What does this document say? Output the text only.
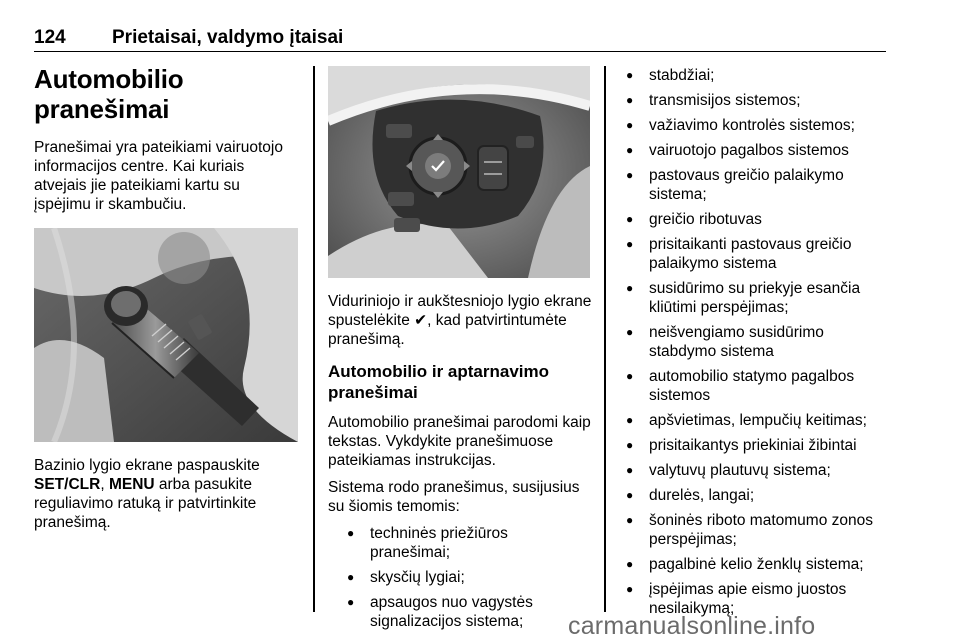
124	Prietaisai, valdymo įtaisai
Automobilio pranešimai

Pranešimai yra pateikiami vairuotojo informacijos centre. Kai kuriais atvejais jie pateikiami kartu su įspėjimu ir skambučiu.

Bazinio lygio ekrane paspauskite SET/CLR, MENU arba pasukite reguliavimo ratuką ir patvirtinkite pranešimą.

Viduriniojo ir aukštesniojo lygio ekrane spustelėkite ✔, kad patvirtintumėte pranešimą.

Automobilio ir aptarnavimo pranešimai

Automobilio pranešimai parodomi kaip tekstas. Vykdykite pranešimuose pateikiamas instrukcijas.

Sistema rodo pranešimus, susijusius su šiomis temomis:

● techninės priežiūros pranešimai;
● skysčių lygiai;
● apsaugos nuo vagystės signalizacijos sistema;
● stabdžiai;
● transmisijos sistemos;
● važiavimo kontrolės sistemos;
● vairuotojo pagalbos sistemos
● pastovaus greičio palaikymo sistema;
● greičio ribotuvas
● prisitaikanti pastovaus greičio palaikymo sistema
● susidūrimo su priekyje esančia kliūtimi perspėjimas;
● neišvengiamo susidūrimo stabdymo sistema
● automobilio statymo pagalbos sistemos
● apšvietimas, lempučių keitimas;
● prisitaikantys priekiniai žibintai
● valytuvų plautuvų sistema;
● durelės, langai;
● šoninės riboto matomumo zonos perspėjimas;
● pagalbinė kelio ženklų sistema;
● įspėjimas apie eismo juostos nesilaikymą;
carmanualsonline.info
